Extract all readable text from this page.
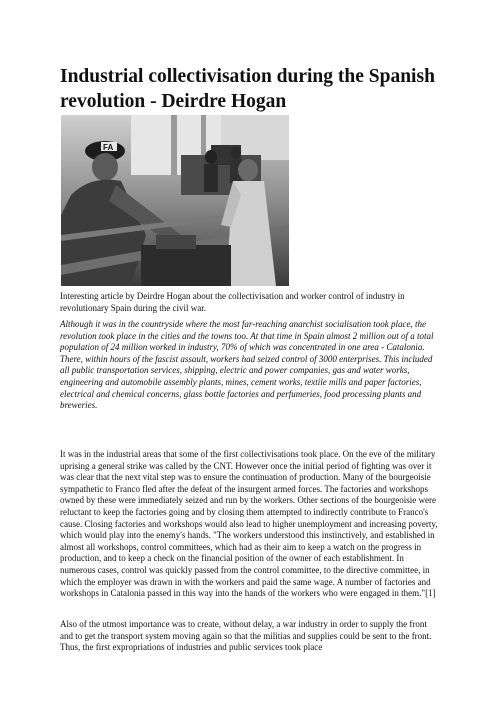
Industrial collectivisation during the Spanish revolution - Deirdre Hogan
FA

Interesting article by Deirdre Hogan about the collectivisation and worker control of industry in revolutionary Spain during the civil war.

Although it was in the countryside where the most far-reaching anarchist socialisation took place, the revolution took place in the cities and the towns too. At that time in Spain almost 2 million out of a total population of 24 million worked in industry, 70% of which was concentrated in one area - Catalonia. There, within hours of the fascist assault, workers had seized control of 3000 enterprises. This included all public transportation services, shipping, electric and power companies, gas and water works, engineering and automobile assembly plants, mines, cement works, textile mills and paper factories, electrical and chemical concerns, glass bottle factories and perfumeries, food processing plants and breweries.

It was in the industrial areas that some of the first collectivisations took place. On the eve of the military uprising a general strike was called by the CNT. However once the initial period of fighting was over it was clear that the next vital step was to ensure the continuation of production. Many of the bourgeoisie sympathetic to Franco fled after the defeat of the insurgent armed forces. The factories and workshops owned by these were immediately seized and run by the workers. Other sections of the bourgeoisie were reluctant to keep the factories going and by closing them attempted to indirectly contribute to Franco's cause. Closing factories and workshops would also lead to higher unemployment and increasing poverty, which would play into the enemy's hands. "The workers understood this instinctively, and established in almost all workshops, control committees, which had as their aim to keep a watch on the progress in production, and to keep a check on the financial position of the owner of each establishment. In numerous cases, control was quickly passed from the control committee, to the directive committee, in which the employer was drawn in with the workers and paid the same wage. A number of factories and workshops in Catalonia passed in this way into the hands of the workers who were engaged in them."[1]

Also of the utmost importance was to create, without delay, a war industry in order to supply the front and to get the transport system moving again so that the militias and supplies could be sent to the front. Thus, the first expropriations of industries and public services took place
